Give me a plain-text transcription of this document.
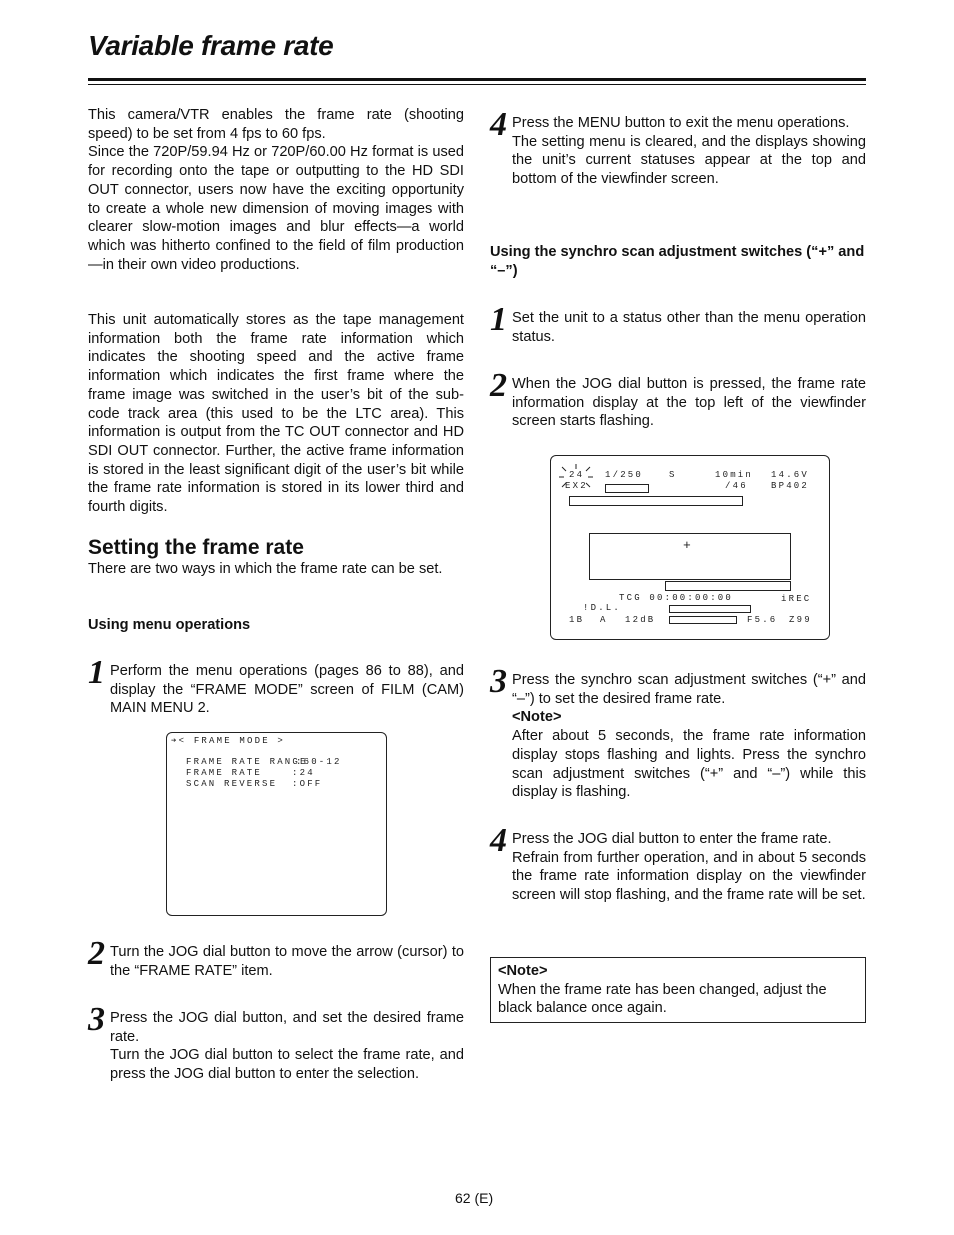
Variable frame rate

This camera/VTR enables the frame rate (shooting speed) to be set from 4 fps to 60 fps.

Since the 720P/59.94 Hz or 720P/60.00 Hz format is used for recording onto the tape or outputting to the HD SDI OUT connector, users now have the exciting opportunity to create a whole new dimension of moving images with clearer slow-motion images and blur effects—a world which was hitherto confined to the field of film production—in their own video productions.

This unit automatically stores as the tape management information both the frame rate information which indicates the shooting speed and the active frame information which indicates the first frame where the frame image was switched in the user’s bit of the sub-code track area (this used to be the LTC area). This information is output from the TC OUT connector and HD SDI OUT connector. Further, the active frame information is stored in the least significant digit of the user’s bit while the frame rate information is stored in its lower third and fourth digits.

Setting the frame rate

There are two ways in which the frame rate can be set.

Using menu operations
1 Perform the menu operations (pages 86 to 88), and display the “FRAME MODE” screen of FILM (CAM) MAIN MENU 2.

➔< FRAME MODE >
FRAME RATE RANGE
:60-12
FRAME RATE	:24
SCAN REVERSE :OFF
2 Turn the JOG dial button to move the arrow (cursor) to the “FRAME RATE” item.

3 Press the JOG dial button, and set the desired frame rate.

Turn the JOG dial button to select the frame rate, and press the JOG dial button to enter the selection.

4 Press the MENU button to exit the menu operations.

The setting menu is cleared, and the displays showing the unit’s current statuses appear at the top and bottom of the viewfinder screen.

Using the synchro scan adjustment switches (“+” and “–”)
1 Set the unit to a status other than the menu operation status.

2 When the JOG dial button is pressed, the frame rate information display at the top left of the viewfinder screen starts flashing.

24
EX2
1/250	S	10min 14.6V
/46	BP402
+
TCG 00:00:00:00	iREC
!D.L.
1B A 12dB	F5.6 Z99
3 Press the synchro scan adjustment switches (“+” and “–”) to set the desired frame rate.

<Note>

After about 5 seconds, the frame rate information display stops flashing and lights. Press the synchro scan adjustment switches (“+” and “–”) while this display is flashing.

4 Press the JOG dial button to enter the frame rate.

Refrain from further operation, and in about 5 seconds the frame rate information display on the viewfinder screen will stop flashing, and the frame rate will be set.

<Note>
When the frame rate has been changed, adjust the black balance once again.
62 (E)
